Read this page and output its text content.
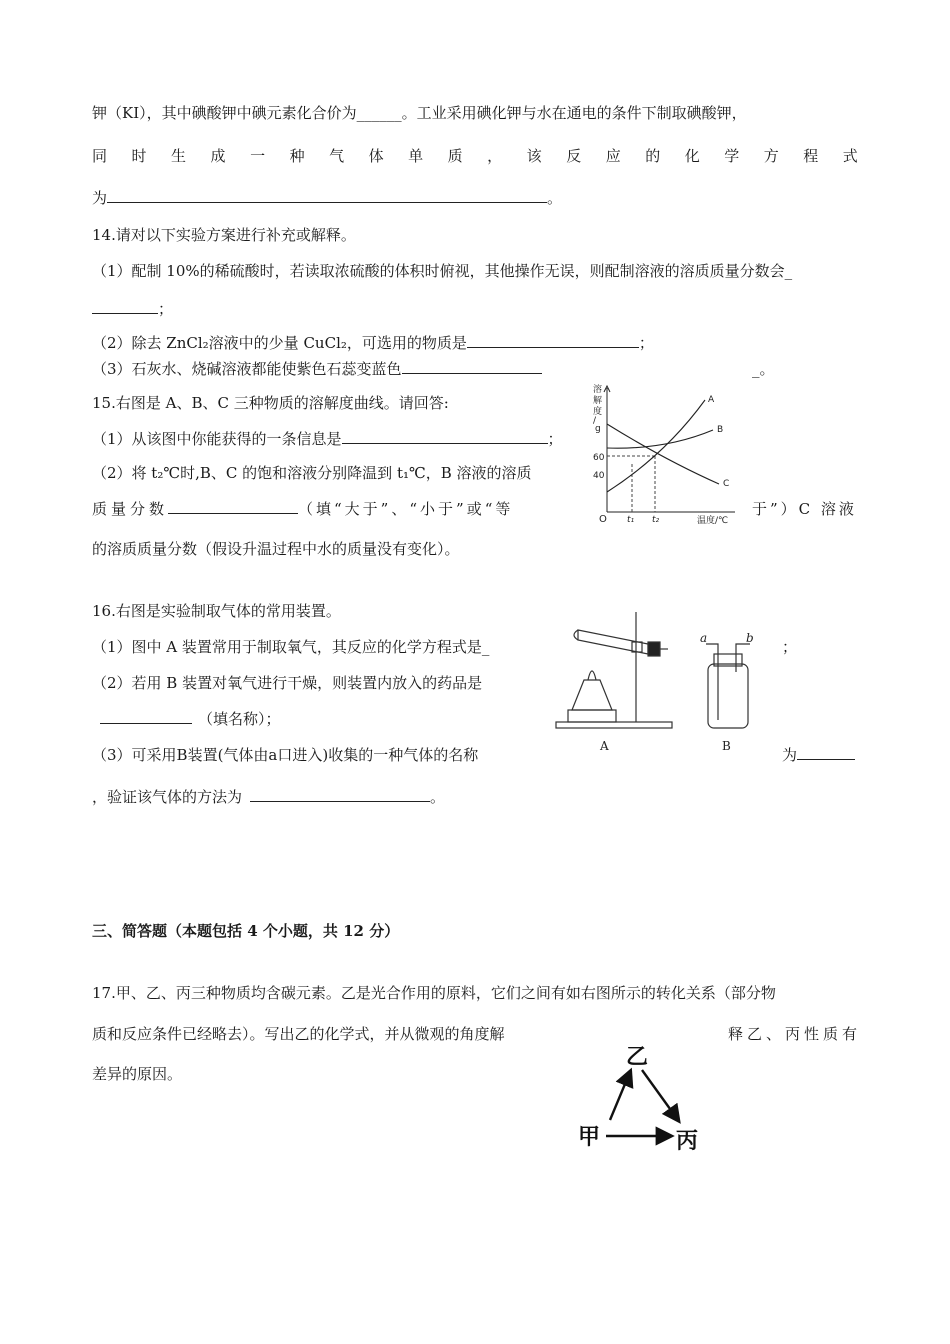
钾（KI），其中碘酸钾中碘元素化合价为______。工业采用碘化钾与水在通电的条件下制取碘酸钾，
同 时 生 成 一 种 气 体 单 质 ， 该 反 应 的 化 学 方 程 式
为	。
14.请对以下实验方案进行补充或解释。
（1）配制 10%的稀硫酸时，若读取浓硫酸的体积时俯视，其他操作无误，则配制溶液的溶质质量分数会_
；
（2）除去 ZnCl₂溶液中的少量 CuCl₂，可选用的物质是	；
（3）石灰水、烧碱溶液都能使紫色石蕊变蓝色	_。
15.右图是 A、B、C 三种物质的溶解度曲线。请回答:
（1）从该图中你能获得的一条信息是	；
（2）将 t₂℃时,B、C 的饱和溶液分别降温到 t₁℃，B 溶液的溶质
质量分数	（填“大于”、“小于”或“等	于”）C 溶液
的溶质质量分数（假设升温过程中水的质量没有变化）。
溶
解
度
/
g
60
40
O t₁ t₂	温度/℃
A
B
C
16.右图是实验制取气体的常用装置。
（1）图中 A 装置常用于制取氧气，其反应的化学方程式是_	；
（2）若用 B 装置对氧气进行干燥，则装置内放入的药品是
（填名称）；
（3）可采用B装置(气体由a口进入)收集的一种气体的名称	为
，验证该气体的方法为	。
a	b
A	B
三、简答题（本题包括 4 个小题，共 12 分）
17.甲、乙、丙三种物质均含碳元素。乙是光合作用的原料，它们之间有如右图所示的转化关系（部分物
质和反应条件已经略去）。写出乙的化学式，并从微观的角度解	释乙、丙性质有
差异的原因。
乙
甲	丙
